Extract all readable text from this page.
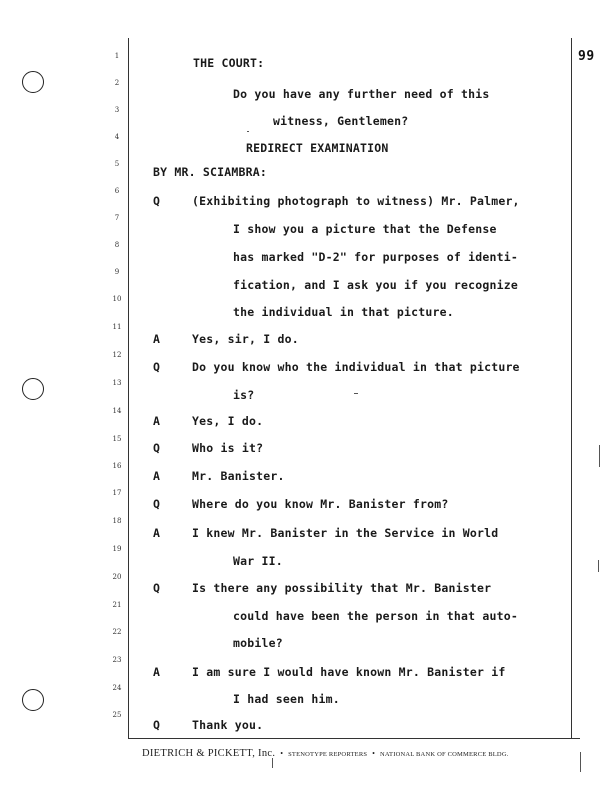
99
1
2
3
4
5
6
7
8
9
10
11
12
13
14
15
16
17
18
19
20
21
22
23
24
25
THE COURT:
Do you have any further need of this
witness, Gentlemen?
REDIRECT EXAMINATION
BY MR. SCIAMBRA:
Q	(Exhibiting photograph to witness) Mr. Palmer,
I show you a picture that the Defense
has marked "D-2" for purposes of identi-
fication, and I ask you if you recognize
the individual in that picture.
A	Yes, sir, I do.
Q	Do you know who the individual in that picture
is?
A	Yes, I do.
Q	Who is it?
A	Mr. Banister.
Q	Where do you know Mr. Banister from?
A	I knew Mr. Banister in the Service in World
War II.
Q	Is there any possibility that Mr. Banister
could have been the person in that auto-
mobile?
A	I am sure I would have known Mr. Banister if
I had seen him.
Q	Thank you.
DIETRICH & PICKETT, Inc. • STENOTYPE REPORTERS • NATIONAL BANK OF COMMERCE BLDG.
